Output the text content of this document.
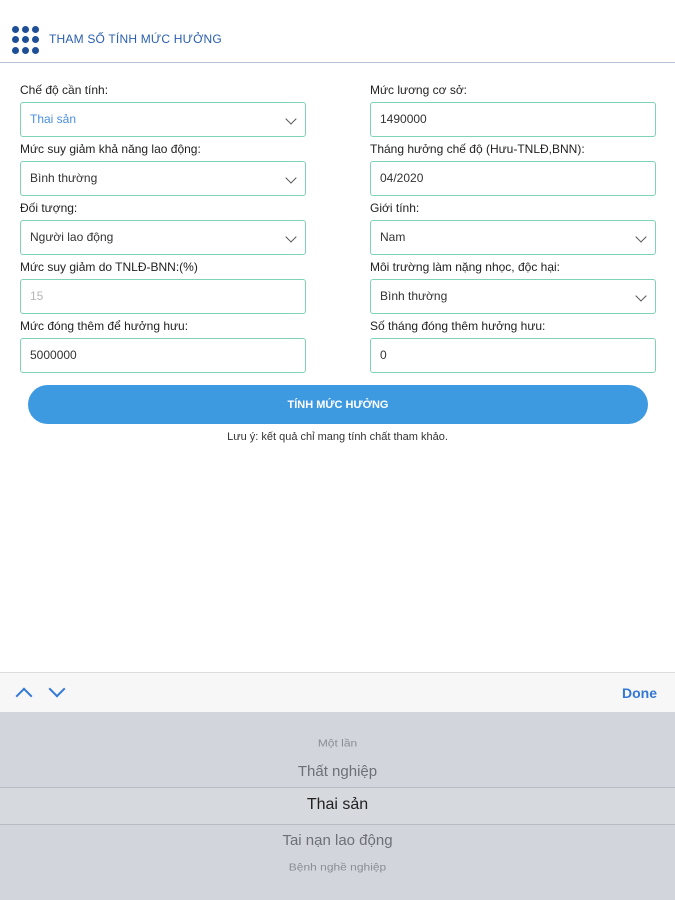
THAM SỐ TÍNH MỨC HƯỞNG
Chế độ cần tính:
Thai sản
Mức lương cơ sở:
1490000
Mức suy giảm khả năng lao động:
Bình thường
Tháng hưởng chế độ (Hưu-TNLĐ,BNN):
04/2020
Đối tượng:
Người lao động
Giới tính:
Nam
Mức suy giảm do TNLĐ-BNN:(%)
15
Môi trường làm nặng nhọc, độc hại:
Bình thường
Mức đóng thêm để hưởng hưu:
5000000
Số tháng đóng thêm hưởng hưu:
0
TÍNH MỨC HƯỞNG
Lưu ý: kết quả chỉ mang tính chất tham khảo.
Done
Một lần
Thất nghiệp
Thai sản
Tai nạn lao động
Bệnh nghề nghiệp
